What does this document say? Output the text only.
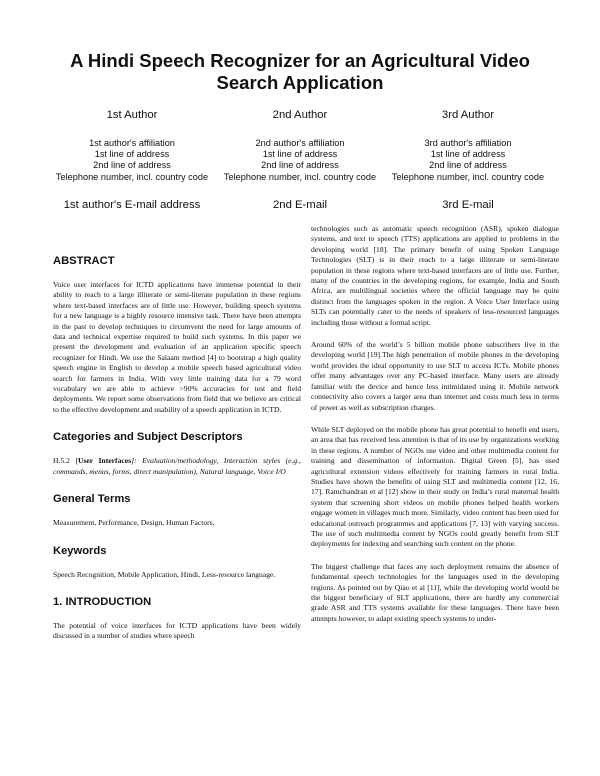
A Hindi Speech Recognizer for an Agricultural Video Search Application
1st Author
1st author's affiliation
1st line of address
2nd line of address
Telephone number, incl. country code
1st author's E-mail address
2nd Author
2nd author's affiliation
1st line of address
2nd line of address
Telephone number, incl. country code
2nd E-mail
3rd Author
3rd author's affiliation
1st line of address
2nd line of address
Telephone number, incl. country code
3rd E-mail
ABSTRACT

Voice user interfaces for ICTD applications have immense potential in their ability to reach to a large illiterate or semi-literate population in these regions where text-based interfaces are of little use. However, building speech systems for a new language is a highly resource intensive task. There have been attempts in the past to develop techniques to circumvent the need for large amounts of data and technical expertise required to build such systems. In this paper we present the development and evaluation of an application specific speech recognizer for Hindi. We use the Salaam method [4] to bootstrap a high quality speech engine in English to develop a mobile speech based agricultural video search for farmers in India. With very little training data for a 79 word vocabulary we are able to achieve >90% accuracies for test and field deployments. We report some observations from field that we believe are critical to the effective development and usability of a speech application in ICTD.

Categories and Subject Descriptors

H.5.2 [User Interfaces]: Evaluation/methodology, Interaction styles (e.g., commands, menus, forms, direct manipulation), Natural language, Voice I/O

General Terms

Measurement, Performance, Design, Human Factors,

Keywords

Speech Recognition, Mobile Application, Hindi, Less-resource language.

1. INTRODUCTION

The potential of voice interfaces for ICTD applications have been widely discussed in a number of studies where speech

technologies such as automatic speech recognition (ASR), spoken dialogue systems, and text to speech (TTS) applications are applied to problems in the developing world [18]. The primary benefit of using Spoken Language Technologies (SLT) is in their reach to a large illiterate or semi-literate population in these regions where text-based interfaces are of little use. Further, many of the countries in the developing regions, for example, India and South Africa, are multilingual societies where the official language may be quite distinct from the languages spoken in the region. A Voice User Interface using SLTs can potentially cater to the needs of speakers of less-resourced languages including those without a formal script.

Around 60% of the world’s 5 billion mobile phone subscribers live in the developing world [19].The high penetration of mobile phones in the developing world provides the ideal opportunity to use SLT to access ICTs. Mobile phones offer many advantages over any PC-based interface. Many users are already familiar with the device and hence less intimidated using it. Mobile network connectivity also covers a larger area than internet and costs much less in terms of power as well as subscription charges.

While SLT deployed on the mobile phone has great potential to benefit end users, an area that has received less attention is that of its use by organizations working in these regions. A number of NGOs use video and other multimedia content for training and dissemination of information. Digital Green [5], has used agricultural extension videos effectively for training farmers in rural India. Studies have shown the benefits of using SLT and multimedia content [12, 16, 17]. Ramchandran et al [12] show in their study on India’s rural maternal health system that screening short videos on mobile phones helped health workers engage women in villages much more. Similarly, video content has been used for educational outreach programmes and applications [7, 13] with varying success. The use of such multimedia content by NGOs could greatly benefit from SLT deployments for indexing and searching such content on the phone.

The biggest challenge that faces any such deployment remains the absence of fundamental speech technologies for the languages used in the developing regions. As pointed out by Qiao et al [11], while the developing world would be the biggest beneficiary of SLT applications, there are hardly any commercial grade ASR and TTS systems available for these languages. There have been attempts however, to adapt existing speech systems to under-
